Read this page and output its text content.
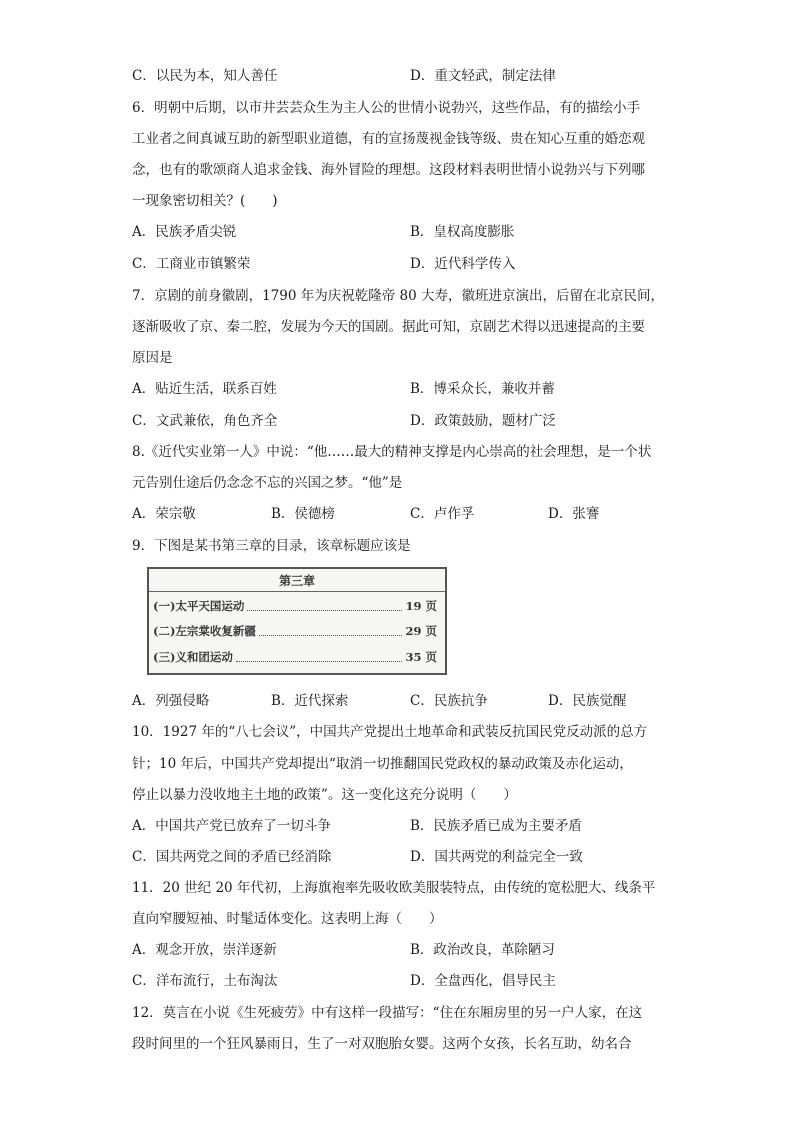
C．以民为本，知人善任	D．重文轻武，制定法律
6．明朝中后期，以市井芸芸众生为主人公的世情小说勃兴，这些作品，有的描绘小手
工业者之间真诚互助的新型职业道德，有的宣扬蔑视金钱等级、贵在知心互重的婚恋观
念，也有的歌颂商人追求金钱、海外冒险的理想。这段材料表明世情小说勃兴与下列哪
一现象密切相关？(　　)
A．民族矛盾尖锐	B．皇权高度膨胀
C．工商业市镇繁荣	D．近代科学传入
7．京剧的前身徽剧，1790 年为庆祝乾隆帝 80 大寿，徽班进京演出，后留在北京民间，
逐渐吸收了京、秦二腔，发展为今天的国剧。据此可知，京剧艺术得以迅速提高的主要
原因是
A．贴近生活，联系百姓	B．博采众长，兼收并蓄
C．文武兼依，角色齐全	D．政策鼓励，题材广泛
8.《近代实业第一人》中说：“他……最大的精神支撑是内心崇高的社会理想，是一个状
元告别仕途后仍念念不忘的兴国之梦。“他”是
A．荣宗敬	B．侯德榜	C．卢作孚	D．张謇
9．下图是某书第三章的目录，该章标题应该是
第三章
(一)太平天国运动	19 页
(二)左宗棠收复新疆	29 页
(三)义和团运动	35 页
A．列强侵略	B．近代探索	C．民族抗争	D．民族觉醒
10．1927 年的“八七会议”，中国共产党提出土地革命和武装反抗国民党反动派的总方
针；10 年后，中国共产党却提出“取消一切推翻国民党政权的暴动政策及赤化运动，
停止以暴力没收地主土地的政策”。这一变化这充分说明（　　）
A．中国共产党已放弃了一切斗争	B．民族矛盾已成为主要矛盾
C．国共两党之间的矛盾已经消除	D．国共两党的利益完全一致
11．20 世纪 20 年代初，上海旗袍率先吸收欧美服装特点，由传统的宽松肥大、线条平
直向窄腰短袖、时髦适体变化。这表明上海（　　）
A．观念开放，崇洋逐新	B．政治改良，革除陋习
C．洋布流行，土布淘汰	D．全盘西化，倡导民主
12．莫言在小说《生死疲劳》中有这样一段描写：“住在东厢房里的另一户人家，在这
段时间里的一个狂风暴雨日，生了一对双胞胎女婴。这两个女孩，长名互助，幼名合
